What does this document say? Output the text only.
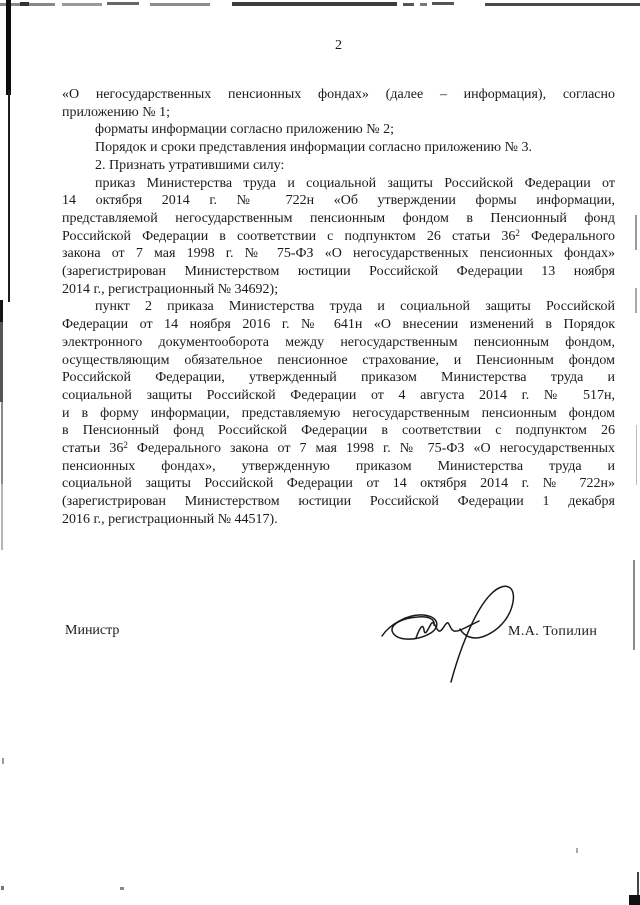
2
«О негосударственных пенсионных фондах» (далее – информация), согласно
приложению № 1;
форматы информации согласно приложению № 2;
Порядок и сроки представления информации согласно приложению № 3.
2. Признать утратившими силу:
приказ Министерства труда и социальной защиты Российской Федерации от
14 октября 2014 г. № 722н «Об утверждении формы информации,
представляемой негосударственным пенсионным фондом в Пенсионный фонд
Российской Федерации в соответствии с подпунктом 26 статьи $36^2$ Федерального
закона от 7 мая 1998 г. № 75-ФЗ «О негосударственных пенсионных фондах»
(зарегистрирован Министерством юстиции Российской Федерации 13 ноября
2014 г., регистрационный № 34692);
пункт 2 приказа Министерства труда и социальной защиты Российской
Федерации от 14 ноября 2016 г. № 641н «О внесении изменений в Порядок
электронного документооборота между негосударственным пенсионным фондом,
осуществляющим обязательное пенсионное страхование, и Пенсионным фондом
Российской Федерации, утвержденный приказом Министерства труда и
социальной защиты Российской Федерации от 4 августа 2014 г. № 517н,
и в форму информации, представляемую негосударственным пенсионным фондом
в Пенсионный фонд Российской Федерации в соответствии с подпунктом 26
статьи $36^2$ Федерального закона от 7 мая 1998 г. № 75-ФЗ «О негосударственных
пенсионных фондах», утвержденную приказом Министерства труда и
социальной защиты Российской Федерации от 14 октября 2014 г. № 722н»
(зарегистрирован Министерством юстиции Российской Федерации 1 декабря
2016 г., регистрационный № 44517).
Министр	М.А. Топилин
